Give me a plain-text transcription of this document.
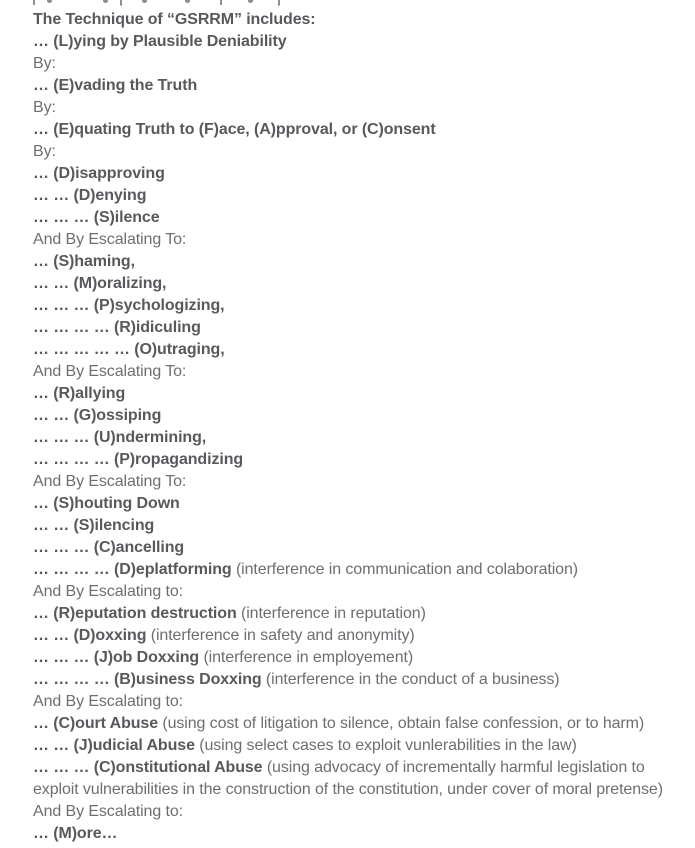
The Technique of “GSRRM” includes:
… (L)ying by Plausible Deniability
By:
… (E)vading the Truth
By:
… (E)quating Truth to (F)ace, (A)pproval, or (C)onsent
By:
… (D)isapproving
… … (D)enying
… … … (S)ilence
And By Escalating To:
… (S)haming,
… … (M)oralizing,
… … … (P)sychologizing,
… … … … (R)idiculing
… … … … … (O)utraging,
And By Escalating To:
… (R)allying
… … (G)ossiping
… … … (U)ndermining,
… … … … (P)ropagandizing
And By Escalating To:
… (S)houting Down
… … (S)ilencing
… … … (C)ancelling
… … … … (D)eplatforming (interference in communication and colaboration)
And By Escalating to:
… (R)eputation destruction (interference in reputation)
… … (D)oxxing (interference in safety and anonymity)
… … … (J)ob Doxxing (interference in employement)
… … … … (B)usiness Doxxing (interference in the conduct of a business)
And By Escalating to:
… (C)ourt Abuse (using cost of litigation to silence, obtain false confession, or to harm)
… … (J)udicial Abuse (using select cases to exploit vunlerabilities in the law)
… … … (C)onstitutional Abuse (using advocacy of incrementally harmful legislation to exploit vulnerabilities in the construction of the constitution, under cover of moral pretense)
And By Escalating to:
… (M)ore…
